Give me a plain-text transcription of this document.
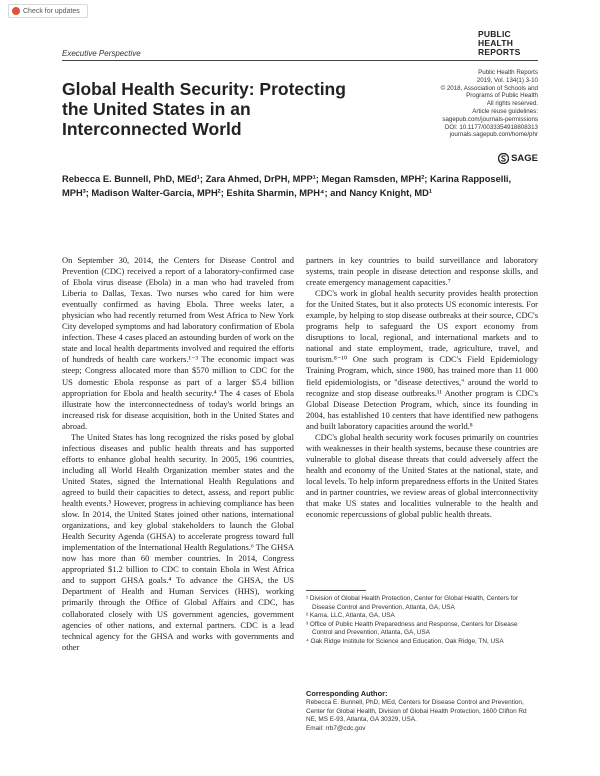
Check for updates
PUBLIC
HEALTH
REPORTS
Executive Perspective
Global Health Security: Protecting the United States in an Interconnected World
Public Health Reports
2019, Vol. 134(1) 3-10
© 2018, Association of Schools and
Programs of Public Health
All rights reserved.
Article reuse guidelines:
sagepub.com/journals-permissions
DOI: 10.1177/0033354918808313
journals.sagepub.com/home/phr
SAGE
Rebecca E. Bunnell, PhD, MEd¹; Zara Ahmed, DrPH, MPP¹; Megan Ramsden, MPH²; Karina Rapposelli, MPH³; Madison Walter-Garcia, MPH²; Eshita Sharmin, MPH⁴; and Nancy Knight, MD¹

On September 30, 2014, the Centers for Disease Control and Prevention (CDC) received a report of a laboratory-confirmed case of Ebola virus disease (Ebola) in a man who had traveled from Liberia to Dallas, Texas. Two nurses who cared for him were eventually confirmed as having Ebola. Three weeks later, a physician who had recently returned from West Africa to New York City developed symptoms and had laboratory confirmation of Ebola infection. These 4 cases placed an astounding burden of work on the state and local health departments involved and required the efforts of hundreds of health care workers.¹⁻³ The economic impact was steep; Congress allocated more than $570 million to CDC for the US domestic Ebola response as part of a larger $5.4 billion appropriation for Ebola and health security.⁴ The 4 cases of Ebola illustrate how the interconnectedness of today's world brings an increased risk for disease acquisition, both in the United States and abroad.

The United States has long recognized the risks posed by global infectious diseases and public health threats and has supported efforts to enhance global health security. In 2005, 196 countries, including all World Health Organization member states and the United States, signed the International Health Regulations and agreed to build their capacities to detect, assess, and report public health events.⁵ However, progress in achieving compliance has been slow. In 2014, the United States joined other nations, international organizations, and key global stakeholders to launch the Global Health Security Agenda (GHSA) to accelerate progress toward full implementation of the International Health Regulations.⁶ The GHSA now has more than 60 member countries. In 2014, Congress appropriated $1.2 billion to CDC to contain Ebola in West Africa and to support GHSA goals.⁴ To advance the GHSA, the US Department of Health and Human Services (HHS), working primarily through the Office of Global Affairs and CDC, has collaborated closely with US government agencies, government agencies of other nations, and external partners. CDC is a lead technical agency for the GHSA and works with governments and other

partners in key countries to build surveillance and laboratory systems, train people in disease detection and response skills, and create emergency management capacities.⁷

CDC's work in global health security provides health protection for the United States, but it also protects US economic interests. For example, by helping to stop disease outbreaks at their source, CDC's programs help to safeguard the US export economy from disruptions to local, regional, and international markets and to national and state employment, trade, agriculture, travel, and tourism.⁸⁻¹⁰ One such program is CDC's Field Epidemiology Training Program, which, since 1980, has trained more than 11 000 field epidemiologists, or "disease detectives," around the world to recognize and stop disease outbreaks.¹¹ Another program is CDC's Global Disease Detection Program, which, since its founding in 2004, has established 10 centers that have identified new pathogens and built laboratory capacities around the world.⁸

CDC's global health security work focuses primarily on countries with weaknesses in their health systems, because these countries are vulnerable to global disease threats that could adversely affect the health and economy of the United States at the national, state, and local levels. To help inform preparedness efforts in the United States and in partner countries, we review areas of global interconnectivity that make US states and localities vulnerable to the health and economic repercussions of global public health threats.

¹ Division of Global Health Protection, Center for Global Health, Centers for Disease Control and Prevention, Atlanta, GA, USA
² Karna, LLC, Atlanta, GA, USA
³ Office of Public Health Preparedness and Response, Centers for Disease Control and Prevention, Atlanta, GA, USA
⁴ Oak Ridge Institute for Science and Education, Oak Ridge, TN, USA
Corresponding Author:
Rebecca E. Bunnell, PhD, MEd, Centers for Disease Control and Prevention, Center for Global Health, Division of Global Health Protection, 1600 Clifton Rd NE, MS E-93, Atlanta, GA 30329, USA.
Email: rrb7@cdc.gov
